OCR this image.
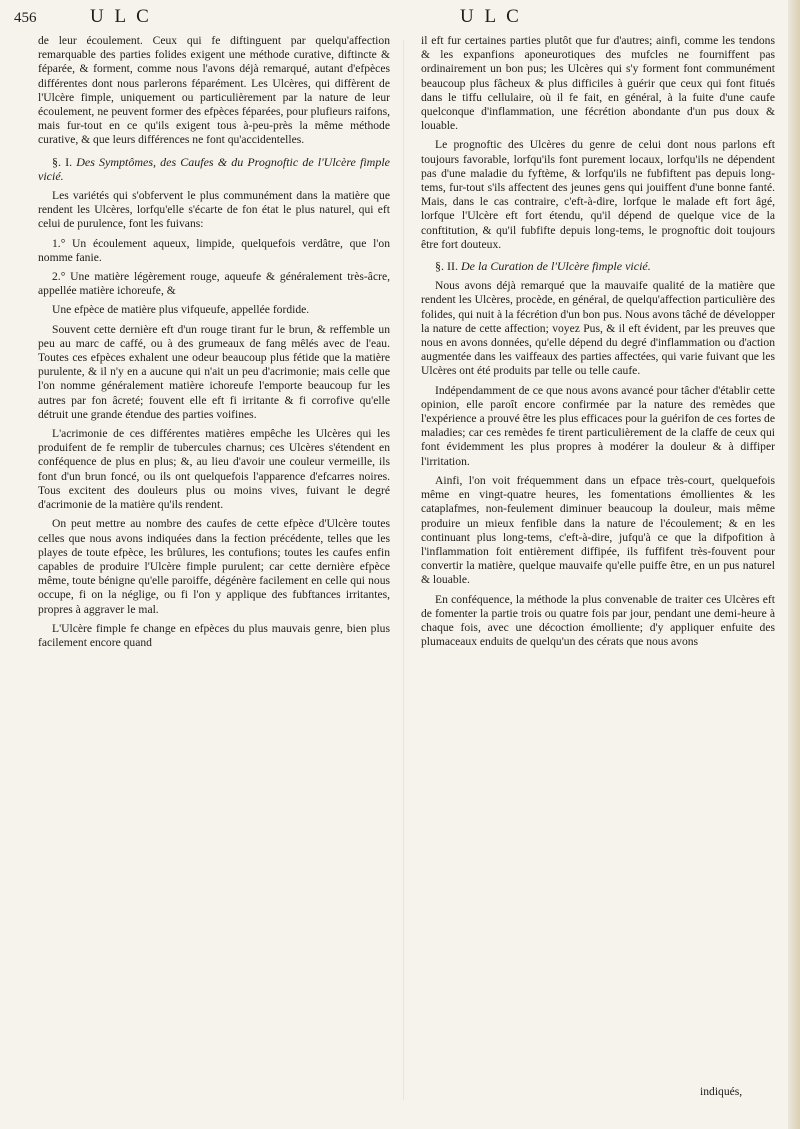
456	U L C	U L C

de leur écoulement. Ceux qui fe diftinguent par quelqu'affection remarquable des parties folides exigent une méthode curative, diftincte & féparée, & forment, comme nous l'avons déjà remarqué, autant d'efpèces différentes dont nous parlerons féparément. Les Ulcères, qui diffèrent de l'Ulcère fimple, uniquement ou particulièrement par la nature de leur écoulement, ne peuvent former des efpèces féparées, pour plufieurs raifons, mais fur-tout en ce qu'ils exigent tous à-peu-près la même méthode curative, & que leurs différences ne font qu'accidentelles.

§. I. Des Symptômes, des Caufes & du Prognoftic de l'Ulcère fimple vicié.

Les variétés qui s'obfervent le plus communément dans la matière que rendent les Ulcères, lorfqu'elle s'écarte de fon état le plus naturel, qui eft celui de purulence, font les fuivans:

1.° Un écoulement aqueux, limpide, quelquefois verdâtre, que l'on nomme fanie.

2.° Une matière légèrement rouge, aqueufe & généralement très-âcre, appellée matière ichoreufe, &

Une efpèce de matière plus vifqueufe, appellée fordide.

Souvent cette dernière eft d'un rouge tirant fur le brun, & reffemble un peu au marc de caffé, ou à des grumeaux de fang mêlés avec de l'eau. Toutes ces efpèces exhalent une odeur beaucoup plus fétide que la matière purulente, & il n'y en a aucune qui n'ait un peu d'acrimonie; mais celle que l'on nomme généralement matière ichoreufe l'emporte beaucoup fur les autres par fon âcreté; fouvent elle eft fi irritante & fi corrofive qu'elle détruit une grande étendue des parties voifines.

L'acrimonie de ces différentes matières empêche les Ulcères qui les produifent de fe remplir de tubercules charnus; ces Ulcères s'étendent en conféquence de plus en plus; &, au lieu d'avoir une couleur vermeille, ils font d'un brun foncé, ou ils ont quelquefois l'apparence d'efcarres noires. Tous excitent des douleurs plus ou moins vives, fuivant le degré d'acrimonie de la matière qu'ils rendent.

On peut mettre au nombre des caufes de cette efpèce d'Ulcère toutes celles que nous avons indiquées dans la fection précédente, telles que les playes de toute efpèce, les brûlures, les contufions; toutes les caufes enfin capables de produire l'Ulcère fimple purulent; car cette dernière efpèce même, toute bénigne qu'elle paroiffe, dégénère facilement en celle qui nous occupe, fi on la néglige, ou fi l'on y applique des fubftances irritantes, propres à aggraver le mal.

L'Ulcère fimple fe change en efpèces du plus mauvais genre, bien plus facilement encore quand

il eft fur certaines parties plutôt que fur d'autres; ainfi, comme les tendons & les expanfions aponeurotiques des mufcles ne fourniffent pas ordinairement un bon pus; les Ulcères qui s'y forment font communément beaucoup plus fâcheux & plus difficiles à guérir que ceux qui font fitués dans le tiffu cellulaire, où il fe fait, en général, à la fuite d'une caufe quelconque d'inflammation, une fécrétion abondante d'un pus doux & louable.

Le prognoftic des Ulcères du genre de celui dont nous parlons eft toujours favorable, lorfqu'ils font purement locaux, lorfqu'ils ne dépendent pas d'une maladie du fyftème, & lorfqu'ils ne fubfiftent pas depuis long-tems, fur-tout s'ils affectent des jeunes gens qui jouiffent d'une bonne fanté. Mais, dans le cas contraire, c'eft-à-dire, lorfque le malade eft fort âgé, lorfque l'Ulcère eft fort étendu, qu'il dépend de quelque vice de la conftitution, & qu'il fubfifte depuis long-tems, le prognoftic doit toujours être fort douteux.

§. II. De la Curation de l'Ulcère fimple vicié.

Nous avons déjà remarqué que la mauvaife qualité de la matière que rendent les Ulcères, procède, en général, de quelqu'affection particulière des folides, qui nuit à la fécrétion d'un bon pus. Nous avons tâché de développer la nature de cette affection; voyez Pus, & il eft évident, par les preuves que nous en avons données, qu'elle dépend du degré d'inflammation ou d'action augmentée dans les vaiffeaux des parties affectées, qui varie fuivant que les Ulcères ont été produits par telle ou telle caufe.

Indépendamment de ce que nous avons avancé pour tâcher d'établir cette opinion, elle paroît encore confirmée par la nature des remèdes que l'expérience a prouvé être les plus efficaces pour la guérifon de ces fortes de maladies; car ces remèdes fe tirent particulièrement de la claffe de ceux qui font évidemment les plus propres à modérer la douleur & à diffiper l'irritation.

Ainfi, l'on voit fréquemment dans un efpace très-court, quelquefois même en vingt-quatre heures, les fomentations émollientes & les cataplafmes, non-feulement diminuer beaucoup la douleur, mais même produire un mieux fenfible dans la nature de l'écoulement; & en les continuant plus long-tems, c'eft-à-dire, jufqu'à ce que la difpofition à l'inflammation foit entièrement diffipée, ils fuffifent très-fouvent pour convertir la matière, quelque mauvaife qu'elle puiffe être, en un pus naturel & louable.

En conféquence, la méthode la plus convenable de traiter ces Ulcères eft de fomenter la partie trois ou quatre fois par jour, pendant une demi-heure à chaque fois, avec une décoction émolliente; d'y appliquer enfuite des plumaceaux enduits de quelqu'un des cérats que nous avons

indiqués,
